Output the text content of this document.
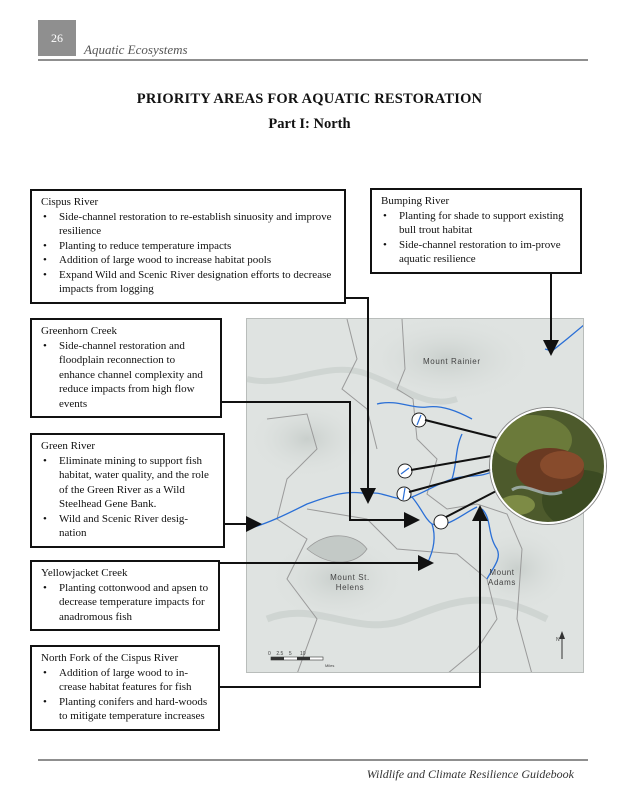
26
Aquatic Ecosystems
PRIORITY AREAS FOR AQUATIC RESTORATION
Part I: North
Mount Rainier
Mount St. Helens
Mount Adams
0 2.5 5 10
Miles
N
Cispus River
• Side-channel restoration to re-establish sinuosity and improve resilience
• Planting to reduce temperature impacts
• Addition of large wood to increase habitat pools
• Expand Wild and Scenic River designation efforts to decrease impacts from logging
Bumping River
• Planting for shade to support existing bull trout habitat
• Side-channel restoration to im-prove aquatic resilience
Greenhorn Creek
• Side-channel restoration and floodplain reconnection to enhance channel complexity and reduce impacts from high flow events
Green River
• Eliminate mining to support fish habitat, water quality, and the role of the Green River as a Wild Steelhead Gene Bank.
• Wild and Scenic River desig-nation
Yellowjacket Creek
• Planting cottonwood and apsen to decrease temperature impacts for anadromous fish
North Fork of the Cispus River
• Addition of large wood to in-crease habitat features for fish
• Planting conifers and hard-woods to mitigate temperature increases
Wildlife and Climate Resilience Guidebook
